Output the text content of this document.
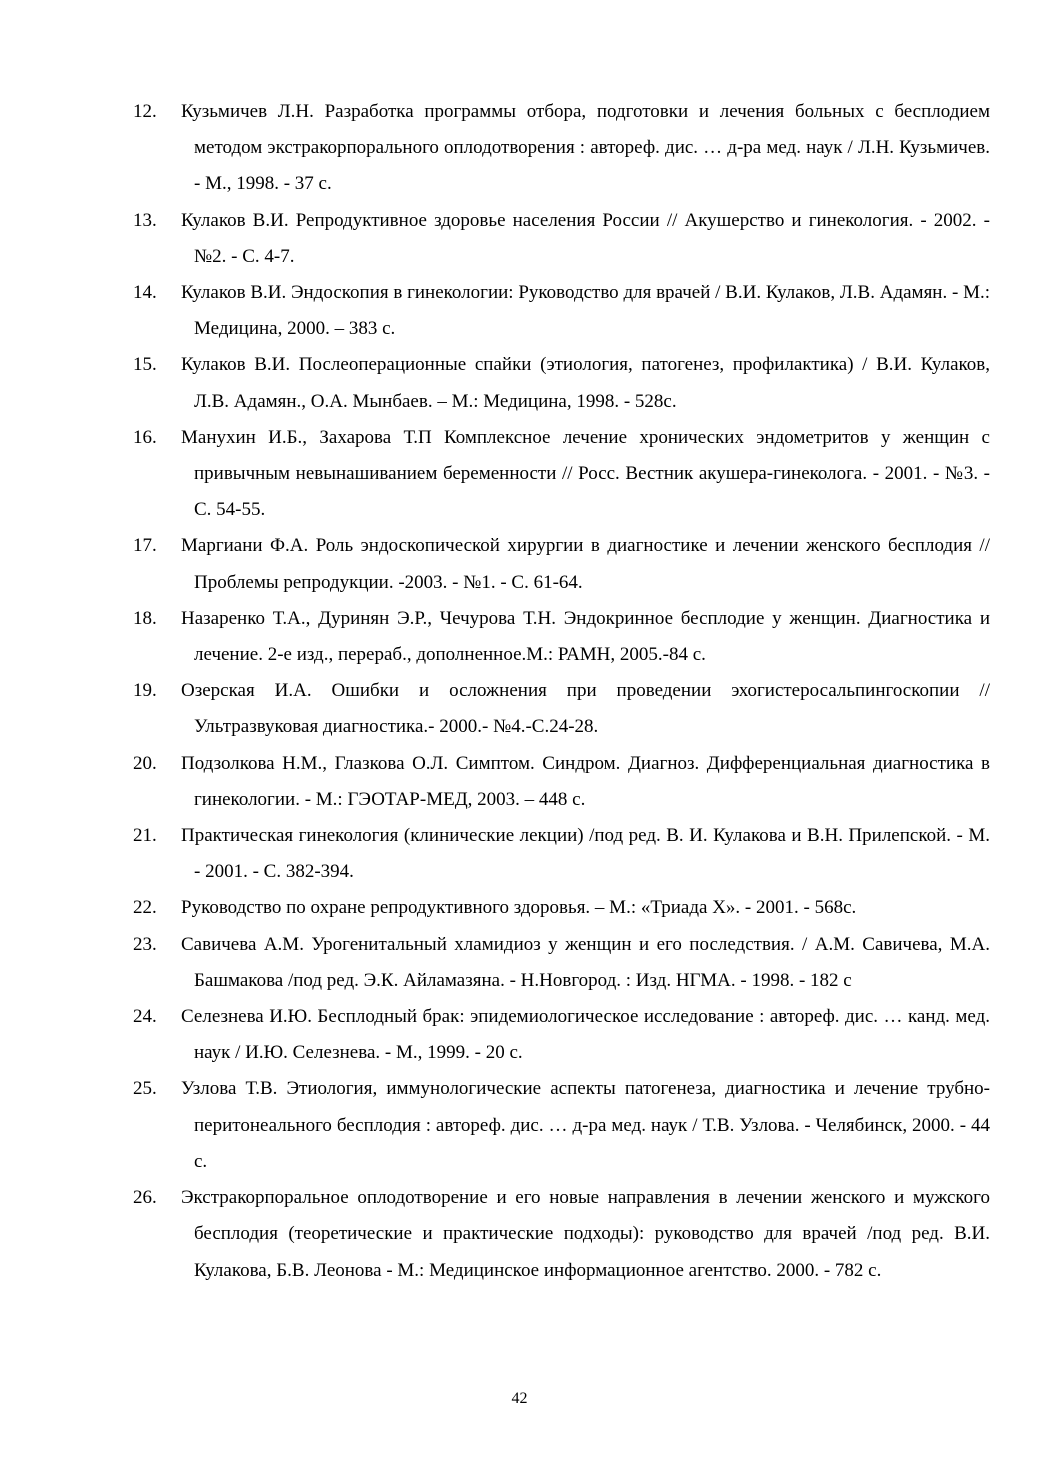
12.	Кузьмичев Л.Н. Разработка программы отбора, подготовки и лечения больных с бесплодием методом экстракорпорального оплодотворения : автореф. дис. … д-ра мед. наук / Л.Н. Кузьмичев. - М., 1998. - 37 с.
13.	Кулаков В.И. Репродуктивное здоровье населения России // Акушерство и гинекология. - 2002. - №2. - С. 4-7.
14.	Кулаков В.И. Эндоскопия в гинекологии: Руководство для врачей / В.И. Кулаков, Л.В. Адамян. - М.: Медицина, 2000. – 383 с.
15.	Кулаков В.И. Послеоперационные спайки (этиология, патогенез, профилактика) / В.И. Кулаков, Л.В. Адамян., О.А. Мынбаев. – М.: Медицина, 1998. - 528с.
16.	Манухин И.Б., Захарова Т.П Комплексное лечение хронических эндометритов у женщин с привычным невынашиванием беременности // Росс. Вестник акушера-гинеколога. - 2001. - №3. - С. 54-55.
17.	Маргиани Ф.А. Роль эндоскопической хирургии в диагностике и лечении женского бесплодия // Проблемы репродукции. -2003. - №1. - С. 61-64.
18.	Назаренко Т.А., Дуринян Э.Р., Чечурова Т.Н. Эндокринное бесплодие у женщин. Диагностика и лечение. 2-е изд., перераб., дополненное.М.: РАМН, 2005.-84 с.
19.	Озерская И.А. Ошибки и осложнения при проведении эхогистеросальпингоскопии // Ультразвуковая диагностика.- 2000.- №4.-С.24-28.
20.	Подзолкова Н.М., Глазкова О.Л. Симптом. Синдром. Диагноз. Дифференциальная диагностика в гинекологии. - М.: ГЭОТАР-МЕД, 2003. – 448 с.
21.	Практическая гинекология (клинические лекции) /под ред. В. И. Кулакова и В.Н. Прилепской. - М. - 2001. - С. 382-394.
22.	Руководство по охране репродуктивного здоровья. – М.: «Триада Х». - 2001. - 568с.
23.	Савичева А.М. Урогенитальный хламидиоз у женщин и его последствия. / А.М. Савичева, М.А. Башмакова /под ред. Э.К. Айламазяна. - Н.Новгород. : Изд. НГМА. - 1998. - 182 с
24.	Селезнева И.Ю. Бесплодный брак: эпидемиологическое исследование : автореф. дис. … канд. мед. наук / И.Ю. Селезнева. - М., 1999. - 20 с.
25.	Узлова Т.В. Этиология, иммунологические аспекты патогенеза, диагностика и лечение трубно-перитонеального бесплодия : автореф. дис. … д-ра мед. наук / Т.В. Узлова. - Челябинск, 2000. - 44 с.
26.	Экстракорпоральное оплодотворение и его новые направления в лечении женского и мужского бесплодия (теоретические и практические подходы): руководство для врачей /под ред. В.И. Кулакова, Б.В. Леонова - М.: Медицинское информационное агентство. 2000. - 782 с.
42
